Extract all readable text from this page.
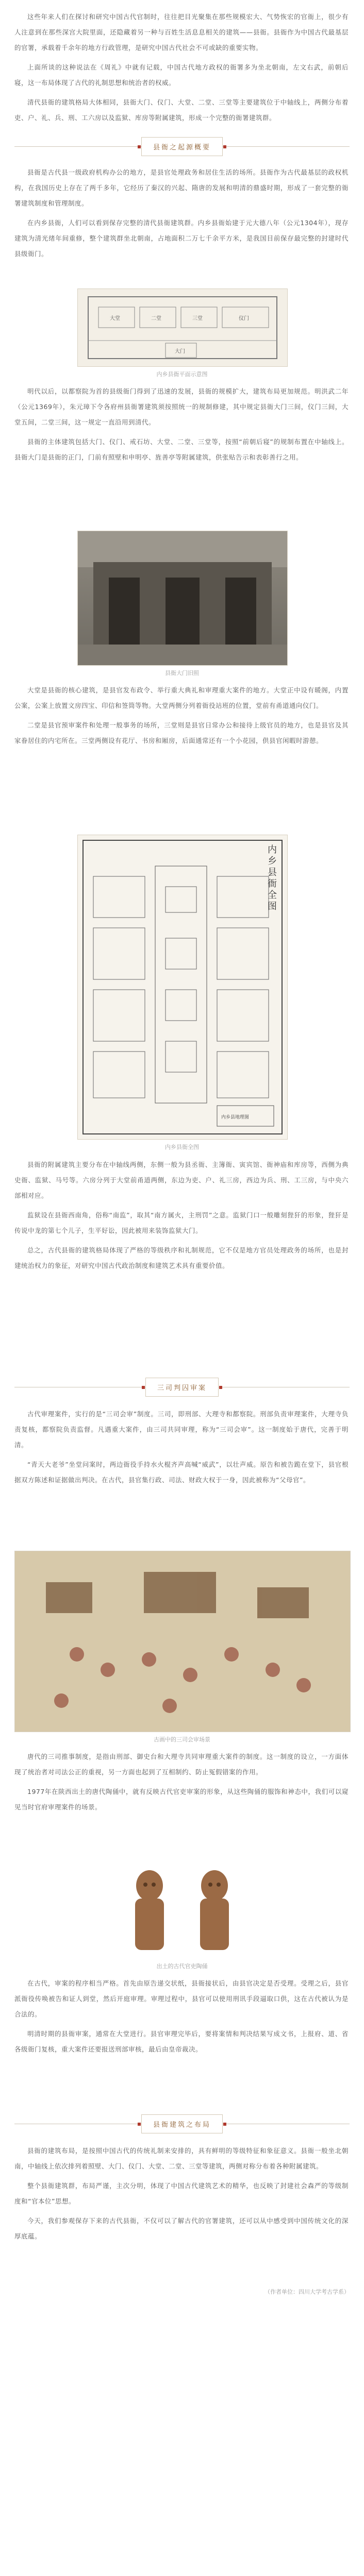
这些年来人们在探讨和研究中国古代官制时，往往把目光聚集在那些规模宏大、气势恢宏的官衙上，很少有人注意到在那些深宫大院里面，还隐藏着另一种与百姓生活息息相关的建筑——县衙。县衙作为中国古代最基层的官署，承载着千余年的地方行政管理，是研究中国古代社会不可或缺的重要实物。

上面所谈的这种说法在《周礼》中就有记载，中国古代地方政权的衙署多为坐北朝南，左文右武，前朝后寝，这一布局体现了古代的礼制思想和统治者的权威。

清代县衙的建筑格局大体相同，县衙大门、仪门、大堂、二堂、三堂等主要建筑位于中轴线上，两侧分布着吏、户、礼、兵、刑、工六房以及监狱、库房等附属建筑，形成一个完整的衙署建筑群。

县衙之起源概要

县衙是古代县一级政府机构办公的地方，是县官处理政务和居住生活的场所。县衙作为古代最基层的政权机构，在我国历史上存在了两千多年，它经历了秦汉的兴起、隋唐的发展和明清的鼎盛时期，形成了一套完整的衙署建筑制度和管理制度。

在内乡县衙，人们可以看到保存完整的清代县衙建筑群。内乡县衙始建于元大德八年（公元1304年），现存建筑为清光绪年间重修，整个建筑群坐北朝南，占地面积二万七千余平方米，是我国目前保存最完整的封建时代县级衙门。

大堂	二堂	三堂	仪门
大门
内乡县衙平面示意图

明代以后，以都察院为首的县级衙门得到了迅速的发展，县衙的规模扩大，建筑布局更加规范。明洪武二年（公元1369年），朱元璋下令各府州县衙署建筑须按照统一的规制修建，其中规定县衙大门三间，仪门三间，大堂五间，二堂三间，这一规定一直沿用到清代。

县衙的主体建筑包括大门、仪门、戒石坊、大堂、二堂、三堂等，按照“前朝后寝”的规制布置在中轴线上。县衙大门是县衙的正门，门前有照壁和申明亭、旌善亭等附属建筑，供张贴告示和表彰善行之用。

县衙大门旧照

大堂是县衙的核心建筑，是县官发布政令、举行重大典礼和审理重大案件的地方。大堂正中设有暖阁，内置公案，公案上放置文房四宝、印信和签筒等物。大堂两侧分列着衙役站班的位置，堂前有甬道通向仪门。

二堂是县官预审案件和处理一般事务的场所，三堂则是县官日常办公和接待上级官员的地方，也是县官及其家眷居住的内宅所在。三堂两侧设有花厅、书房和厢房，后面通常还有一个小花园，供县官闲暇时游憩。

内乡县衙全图
内乡县地理图
内乡县衙全图

县衙的附属建筑主要分布在中轴线两侧，东侧一般为县丞衙、主簿衙、寅宾馆、衙神庙和库房等，西侧为典史衙、监狱、马号等。六房分列于大堂前甬道两侧，东边为吏、户、礼三房，西边为兵、刑、工三房，与中央六部相对应。

监狱设在县衙西南角，俗称“南监”，取其“南方属火，主刑罚”之意。监狱门口一般雕刻狴犴的形象，狴犴是传说中龙的第七个儿子，生平好讼，因此被用来装饰监狱大门。

总之，古代县衙的建筑格局体现了严格的等级秩序和礼制规范，它不仅是地方官员处理政务的场所，也是封建统治权力的象征，对研究中国古代政治制度和建筑艺术具有重要价值。

三司判囚审案

古代审理案件，实行的是“三司会审”制度。三司，即刑部、大理寺和都察院。刑部负责审理案件，大理寺负责复核，都察院负责监督。凡遇重大案件，由三司共同审理，称为“三司会审”。这一制度始于唐代，完善于明清。

“青天大老爷”坐堂问案时，两边衙役手持水火棍齐声高喊“威武”，以壮声威。原告和被告跪在堂下，县官根据双方陈述和证据做出判决。在古代，县官集行政、司法、财政大权于一身，因此被称为“父母官”。

古画中的三司会审场景

唐代的三司推事制度，是指由刑部、御史台和大理寺共同审理重大案件的制度。这一制度的设立，一方面体现了统治者对司法公正的重视，另一方面也起到了互相制约、防止冤假错案的作用。

1977年在陕西出土的唐代陶俑中，就有反映古代官吏审案的形象，从这些陶俑的服饰和神态中，我们可以窥见当时官府审理案件的场景。

出土的古代官吏陶俑

在古代，审案的程序相当严格。首先由原告递交状纸，县衙接状后，由县官决定是否受理。受理之后，县官派衙役传唤被告和证人到堂，然后开庭审理。审理过程中，县官可以使用刑讯手段逼取口供，这在古代被认为是合法的。

明清时期的县衙审案，通常在大堂进行。县官审理完毕后，要将案情和判决结果写成文书，上报府、道、省各级衙门复核，重大案件还要报送刑部审核，最后由皇帝裁决。

县衙建筑之布局

县衙的建筑布局，是按照中国古代的传统礼制来安排的，具有鲜明的等级特征和象征意义。县衙一般坐北朝南，中轴线上依次排列着照壁、大门、仪门、大堂、二堂、三堂等建筑，两侧对称分布着各种附属建筑。

整个县衙建筑群，布局严谨，主次分明，体现了中国古代建筑艺术的精华，也反映了封建社会森严的等级制度和“官本位”思想。

今天，我们参观保存下来的古代县衙，不仅可以了解古代的官署建筑，还可以从中感受到中国传统文化的深厚底蕴。

（作者单位：四川大学考古学系）
